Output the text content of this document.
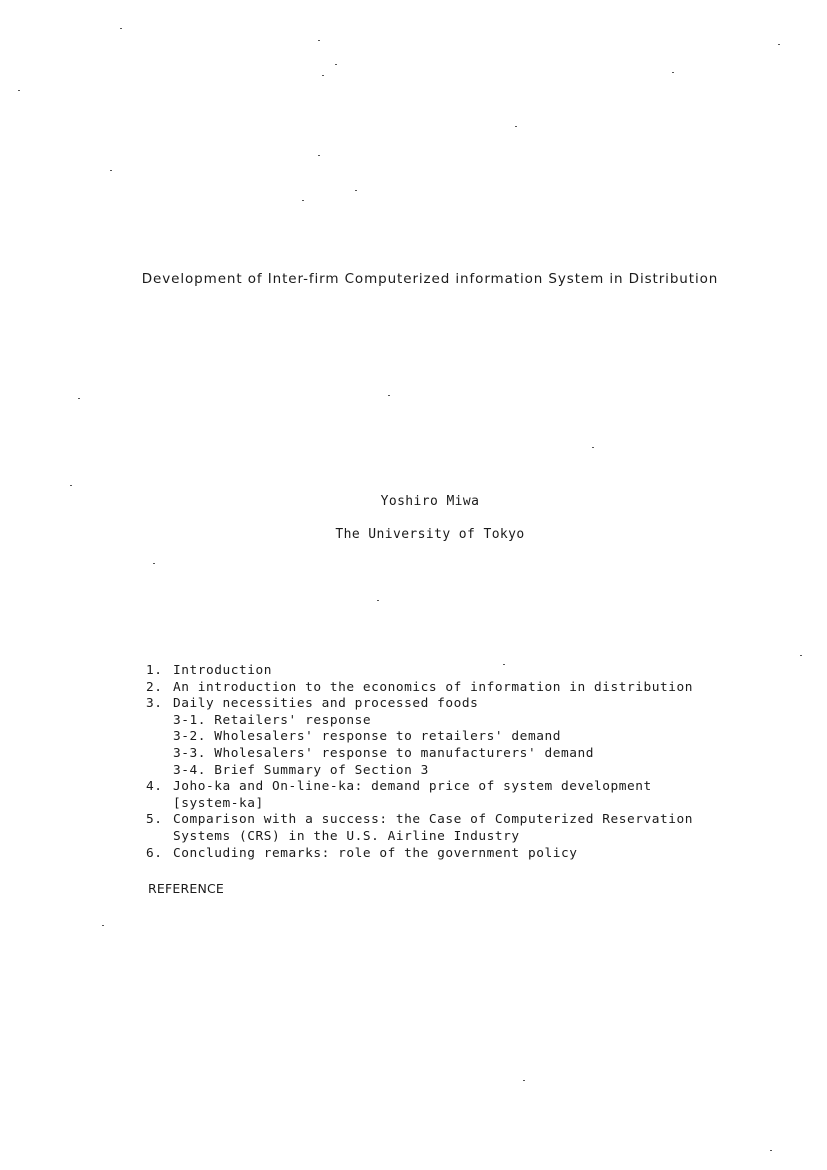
Development of Inter-firm Computerized information System in Distribution
Yoshiro Miwa
The University of Tokyo
1. Introduction
2. An introduction to the economics of information in distribution
3. Daily necessities and processed foods
3-1. Retailers' response
3-2. Wholesalers' response to retailers' demand
3-3. Wholesalers' response to manufacturers' demand
3-4. Brief Summary of Section 3
4. Joho-ka and On-line-ka: demand price of system development
[system-ka]
5. Comparison with a success: the Case of Computerized Reservation
Systems (CRS) in the U.S. Airline Industry
6. Concluding remarks: role of the government policy
REFERENCE
